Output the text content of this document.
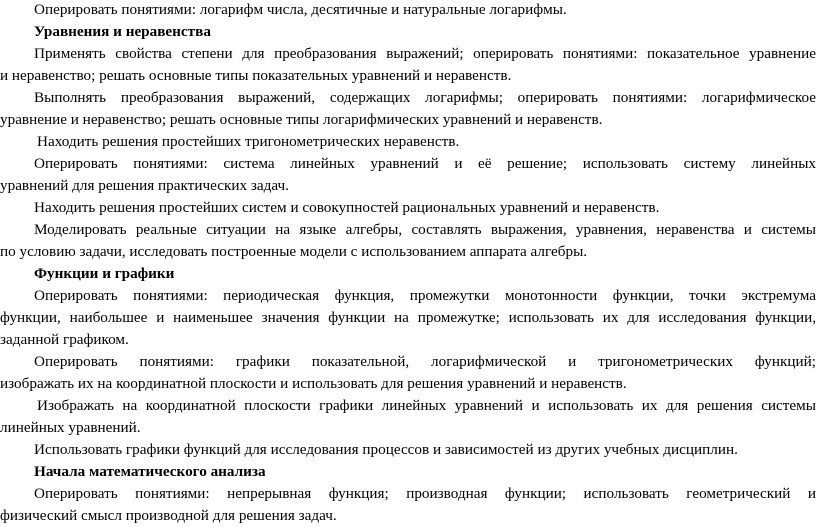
Оперировать понятиями: логарифм числа, десятичные и натуральные логарифмы.

Уравнения и неравенства

Применять свойства степени для преобразования выражений; оперировать понятиями: показательное уравнение

и неравенство; решать основные типы показательных уравнений и неравенств.

Выполнять преобразования выражений, содержащих логарифмы; оперировать понятиями: логарифмическое

уравнение и неравенство; решать основные типы логарифмических уравнений и неравенств.

Находить решения простейших тригонометрических неравенств.

Оперировать понятиями: система линейных уравнений и её решение; использовать систему линейных

уравнений для решения практических задач.

Находить решения простейших систем и совокупностей рациональных уравнений и неравенств.

Моделировать реальные ситуации на языке алгебры, составлять выражения, уравнения, неравенства и системы

по условию задачи, исследовать построенные модели с использованием аппарата алгебры.

Функции и графики

Оперировать понятиями: периодическая функция, промежутки монотонности функции, точки экстремума

функции, наибольшее и наименьшее значения функции на промежутке; использовать их для исследования функции,

заданной графиком.

Оперировать понятиями: графики показательной, логарифмической и тригонометрических функций;

изображать их на координатной плоскости и использовать для решения уравнений и неравенств.

Изображать на координатной плоскости графики линейных уравнений и использовать их для решения системы

линейных уравнений.

Использовать графики функций для исследования процессов и зависимостей из других учебных дисциплин.

Начала математического анализа

Оперировать понятиями: непрерывная функция; производная функции; использовать геометрический и

физический смысл производной для решения задач.
